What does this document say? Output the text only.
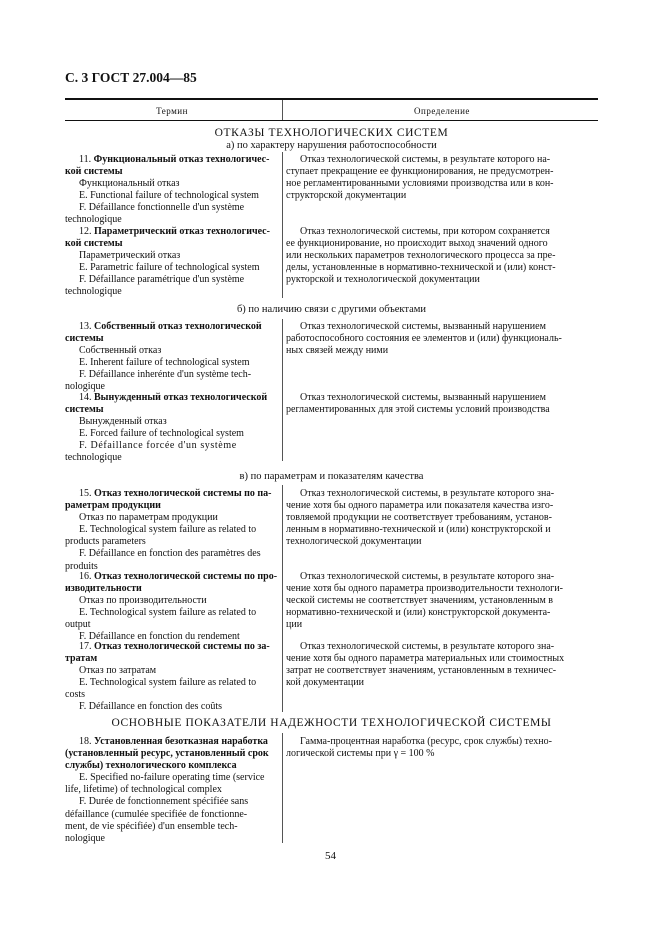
С. 3 ГОСТ 27.004—85
Термин	Определение
ОТКАЗЫ ТЕХНОЛОГИЧЕСКИХ СИСТЕМ
а) по характеру нарушения работоспособности
11. Функциональный отказ технологичес-
кой системы
Функциональный отказ
E. Functional failure of technological system
F. Défaillance fonctionnelle d'un système
technologique
Отказ технологической системы, в результате которого на-
ступает прекращение ее функционирования, не предусмотрен-
ное регламентированными условиями производства или в кон-
структорской документации
12. Параметрический отказ технологичес-
кой системы
Параметрический отказ
E. Parametric failure of technological system
F. Défaillance paramétrique d'un système
technologique
Отказ технологической системы, при котором сохраняется
ее функционирование, но происходит выход значений одного
или нескольких параметров технологического процесса за пре-
делы, установленные в нормативно-технической и (или) конст-
рукторской и технологической документации
б) по наличию связи с другими объектами
13. Собственный отказ технологической
системы
Собственный отказ
E. Inherent failure of technological system
F. Défaillance inherénte d'un système tech-
nologique
Отказ технологической системы, вызванный нарушением
работоспособного состояния ее элементов и (или) функциональ-
ных связей между ними
14. Вынужденный отказ технологической
системы
Вынужденный отказ
E. Forced failure of technological system
F. Défaillance forcée d'un système
technologique
Отказ технологической системы, вызванный нарушением
регламентированных для этой системы условий производства
в) по параметрам и показателям качества
15. Отказ технологической системы по па-
раметрам продукции
Отказ по параметрам продукции
E. Technological system failure as related to
products parameters
F. Défaillance en fonction des paramètres des
produits
Отказ технологической системы, в результате которого зна-
чение хотя бы одного параметра или показателя качества изго-
товляемой продукции не соответствует требованиям, установ-
ленным в нормативно-технической и (или) конструкторской и
технологической документации
16. Отказ технологической системы по про-
изводительности
Отказ по производительности
E. Technological system failure as related to
output
F. Défaillance en fonction du rendement
Отказ технологической системы, в результате которого зна-
чение хотя бы одного параметра производительности технологи-
ческой системы не соответствует значениям, установленным в
нормативно-технической и (или) конструкторской документа-
ции
17. Отказ технологической системы по за-
тратам
Отказ по затратам
E. Technological system failure as related to
costs
F. Défaillance en fonction des coûts
Отказ технологической системы, в результате которого зна-
чение хотя бы одного параметра материальных или стоимостных
затрат не соответствует значениям, установленным в техничес-
кой документации
ОСНОВНЫЕ ПОКАЗАТЕЛИ НАДЕЖНОСТИ ТЕХНОЛОГИЧЕСКОЙ СИСТЕМЫ
18. Установленная безотказная наработка
(установленный ресурс, установленный срок
службы) технологического комплекса
E. Specified no-failure operating time (service
life, lifetime) of technological complex
F. Durée de fonctionnement spécifiée sans
défaillance (cumulée specifiée de fonctionne-
ment, de vie spécifiée) d'un ensemble tech-
nologique
Гамма-процентная наработка (ресурс, срок службы) техно-
логической системы при γ = 100 %
54
